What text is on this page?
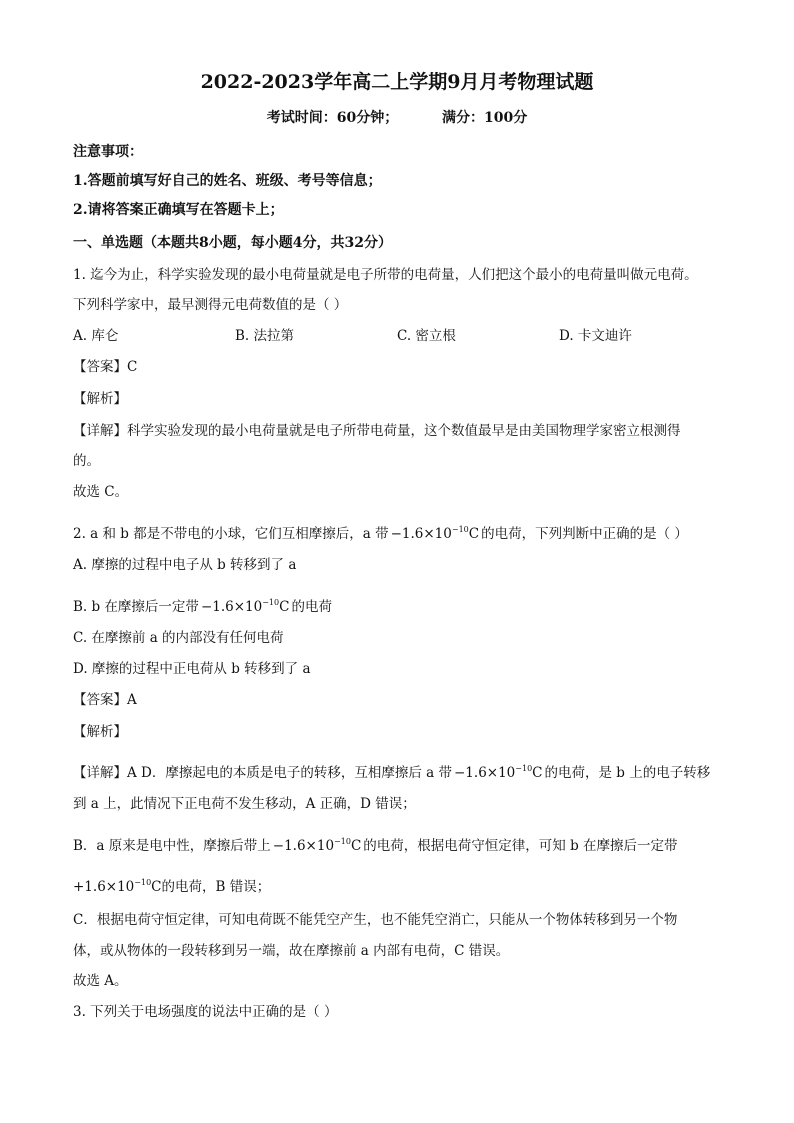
2022-2023学年高二上学期9月月考物理试题
考试时间：60分钟；	满分：100分
注意事项：
1.答题前填写好自己的姓名、班级、考号等信息；
2.请将答案正确填写在答题卡上；
一、单选题（本题共8小题，每小题4分，共32分）
1. 迄今为止，科学实验发现的最小电荷量就是电子所带的电荷量，人们把这个最小的电荷量叫做元电荷。
下列科学家中，最早测得元电荷数值的是（ ）
A. 库仑	B. 法拉第	C. 密立根	D. 卡文迪许
【答案】C
【解析】
【详解】科学实验发现的最小电荷量就是电子所带电荷量，这个数值最早是由美国物理学家密立根测得
的。
故选 C。
2. a 和 b 都是不带电的小球，它们互相摩擦后，a 带 $-1.6\times 10^{-10}C$ 的电荷，下列判断中正确的是（ ）
A. 摩擦的过程中电子从 b 转移到了 a
B. b 在摩擦后一定带 $-1.6\times 10^{-10}C$ 的电荷
C. 在摩擦前 a 的内部没有任何电荷
D. 摩擦的过程中正电荷从 b 转移到了 a
【答案】A
【解析】
【详解】A D．摩擦起电的本质是电子的转移，互相摩擦后 a 带 $-1.6\times 10^{-10}C$ 的电荷，是 b 上的电子转移
到 a 上，此情况下正电荷不发生移动，A 正确，D 错误；
B．a 原来是电中性，摩擦后带上 $-1.6\times 10^{-10}C$ 的电荷，根据电荷守恒定律，可知 b 在摩擦后一定带
$+1.6\times 10^{-10}C$的电荷，B 错误；
C．根据电荷守恒定律，可知电荷既不能凭空产生，也不能凭空消亡，只能从一个物体转移到另一个物
体，或从物体的一段转移到另一端，故在摩擦前 a 内部有电荷，C 错误。
故选 A。
3. 下列关于电场强度的说法中正确的是（ ）
